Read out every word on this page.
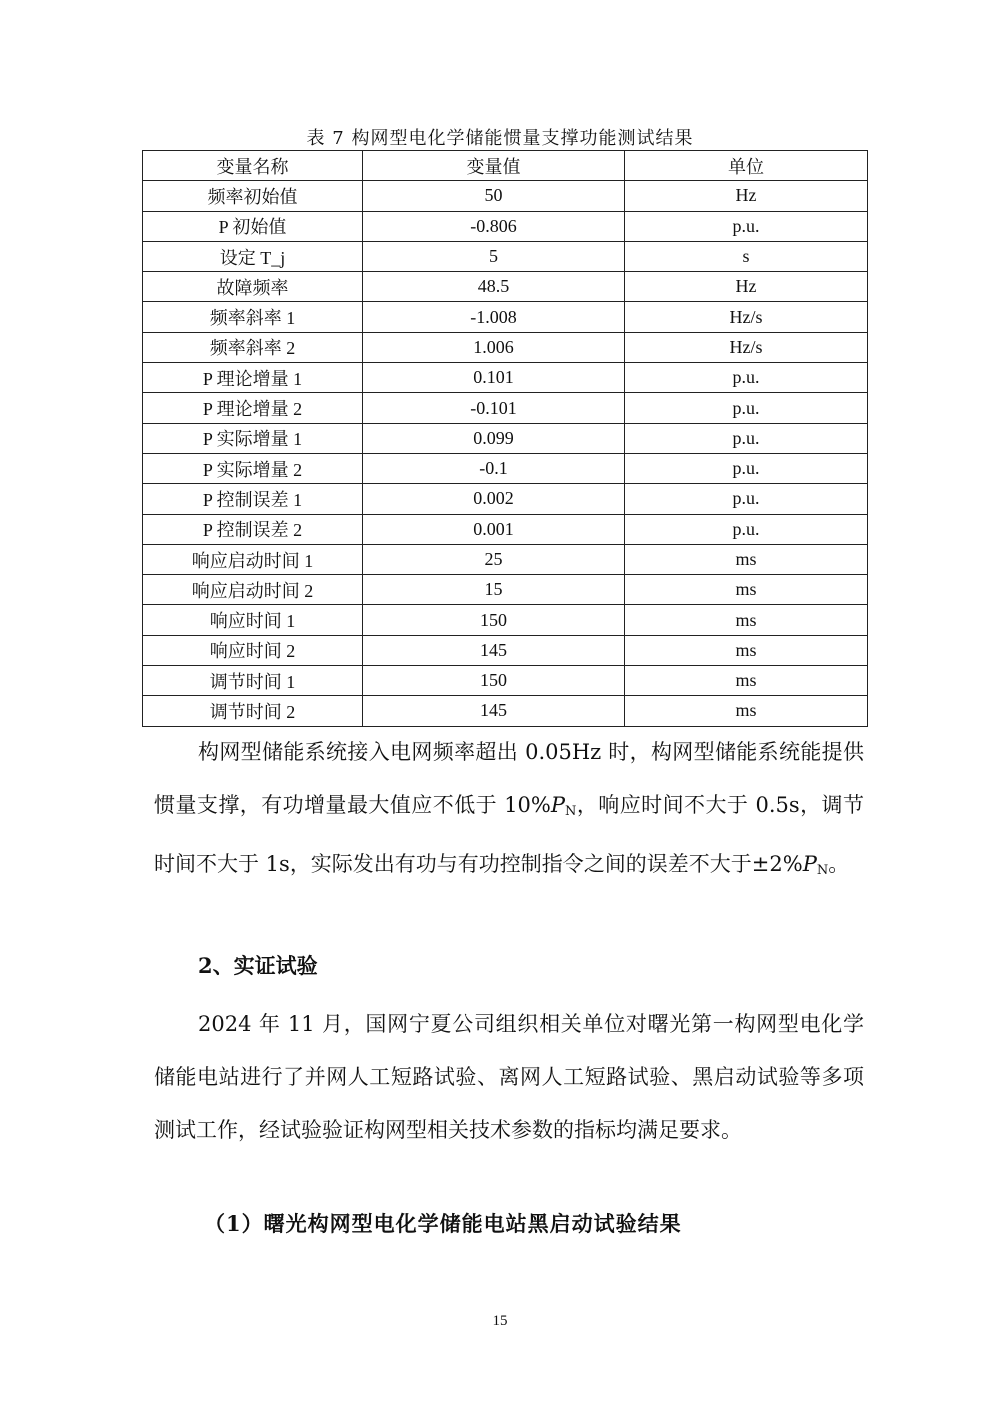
表 7 构网型电化学储能惯量支撑功能测试结果
变量名称	变量值	单位
频率初始值	50	Hz
P 初始值	-0.806	p.u.
设定 T_j	5	s
故障频率	48.5	Hz
频率斜率 1	-1.008	Hz/s
频率斜率 2	1.006	Hz/s
P 理论增量 1	0.101	p.u.
P 理论增量 2	-0.101	p.u.
P 实际增量 1	0.099	p.u.
P 实际增量 2	-0.1	p.u.
P 控制误差 1	0.002	p.u.
P 控制误差 2	0.001	p.u.
响应启动时间 1	25	ms
响应启动时间 2	15	ms
响应时间 1	150	ms
响应时间 2	145	ms
调节时间 1	150	ms
调节时间 2	145	ms

构网型储能系统接入电网频率超出 0.05Hz 时，构网型储能系统能提供惯量支撑，有功增量最大值应不低于 $10\%P_N$，响应时间不大于 0.5s，调节时间不大于 1s，实际发出有功与有功控制指令之间的误差不大于$\pm 2\%P_N$。

2、实证试验

2024 年 11 月，国网宁夏公司组织相关单位对曙光第一构网型电化学储能电站进行了并网人工短路试验、离网人工短路试验、黑启动试验等多项测试工作，经试验验证构网型相关技术参数的指标均满足要求。

（1）曙光构网型电化学储能电站黑启动试验结果
15
